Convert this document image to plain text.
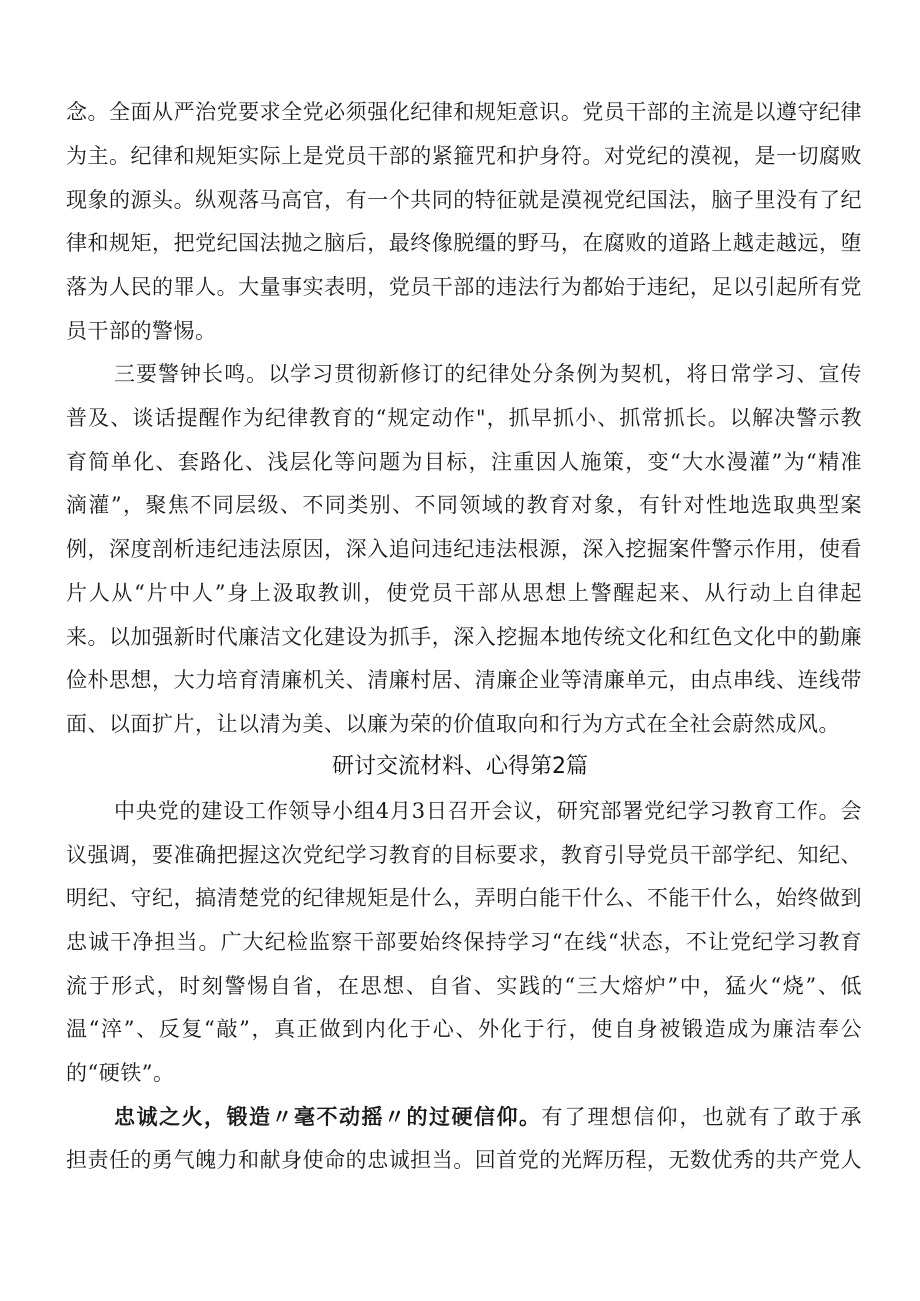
念。全面从严治党要求全党必须强化纪律和规矩意识。党员干部的主流是以遵守纪律
为主。纪律和规矩实际上是党员干部的紧箍咒和护身符。对党纪的漠视，是一切腐败
现象的源头。纵观落马高官，有一个共同的特征就是漠视党纪国法，脑子里没有了纪
律和规矩，把党纪国法抛之脑后，最终像脱缰的野马，在腐败的道路上越走越远，堕
落为人民的罪人。大量事实表明，党员干部的违法行为都始于违纪，足以引起所有党
员干部的警惕。
三要警钟长鸣。以学习贯彻新修订的纪律处分条例为契机，将日常学习、宣传
普及、谈话提醒作为纪律教育的“规定动作"，抓早抓小、抓常抓长。以解决警示教
育简单化、套路化、浅层化等问题为目标，注重因人施策，变“大水漫灌”为“精准
滴灌”，聚焦不同层级、不同类别、不同领域的教育对象，有针对性地选取典型案
例，深度剖析违纪违法原因，深入追问违纪违法根源，深入挖掘案件警示作用，使看
片人从“片中人”身上汲取教训，使党员干部从思想上警醒起来、从行动上自律起
来。以加强新时代廉洁文化建设为抓手，深入挖掘本地传统文化和红色文化中的勤廉
俭朴思想，大力培育清廉机关、清廉村居、清廉企业等清廉单元，由点串线、连线带
面、以面扩片，让以清为美、以廉为荣的价值取向和行为方式在全社会蔚然成风。
研讨交流材料、心得第2篇
中央党的建设工作领导小组4月3日召开会议，研究部署党纪学习教育工作。会
议强调，要准确把握这次党纪学习教育的目标要求，教育引导党员干部学纪、知纪、
明纪、守纪，搞清楚党的纪律规矩是什么，弄明白能干什么、不能干什么，始终做到
忠诚干净担当。广大纪检监察干部要始终保持学习“在线“状态，不让党纪学习教育
流于形式，时刻警惕自省，在思想、自省、实践的“三大熔炉”中，猛火“烧”、低
温“淬”、反复“敲”，真正做到内化于心、外化于行，使自身被锻造成为廉洁奉公
的“硬铁”。
忠诚之火，锻造〃毫不动摇〃的过硬信仰。有了理想信仰，也就有了敢于承
担责任的勇气魄力和献身使命的忠诚担当。回首党的光辉历程，无数优秀的共产党人
